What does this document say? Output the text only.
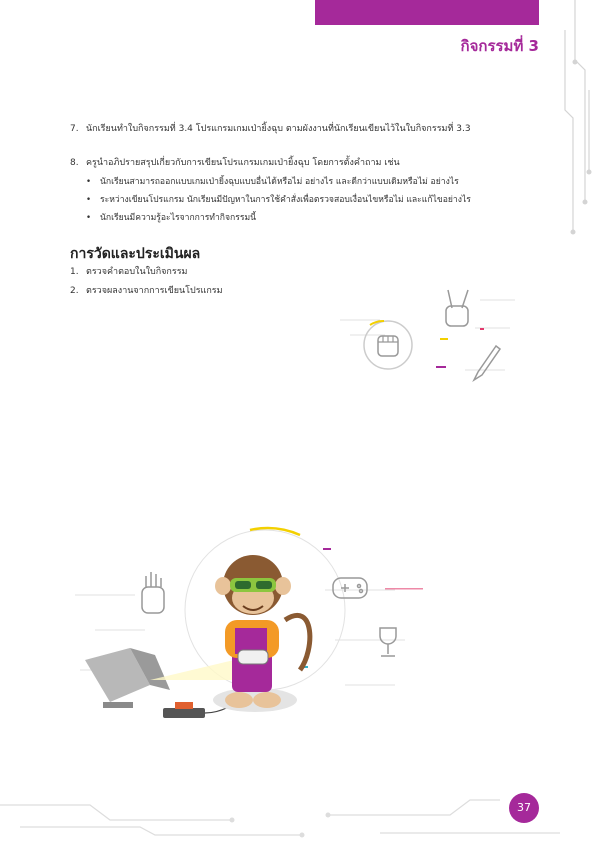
กิจกรรมที่ 3
7. นักเรียนทำใบกิจกรรมที่ 3.4 โปรแกรมเกมเป่ายิ้งฉุบ ตามผังงานที่นักเรียนเขียนไว้ในใบกิจกรรมที่ 3.3
8. ครูนำอภิปรายสรุปเกี่ยวกับการเขียนโปรแกรมเกมเป่ายิ้งฉุบ โดยการตั้งคำถาม เช่น
• นักเรียนสามารถออกแบบเกมเป่ายิ้งฉุบแบบอื่นได้หรือไม่ อย่างไร และดีกว่าแบบเดิมหรือไม่ อย่างไร
• ระหว่างเขียนโปรแกรม นักเรียนมีปัญหาในการใช้คำสั่งเพื่อตรวจสอบเงื่อนไขหรือไม่ และแก้ไขอย่างไร
• นักเรียนมีความรู้อะไรจากการทำกิจกรรมนี้
การวัดและประเมินผล
1. ตรวจคำตอบในใบกิจกรรม
2. ตรวจผลงานจากการเขียนโปรแกรม
37
